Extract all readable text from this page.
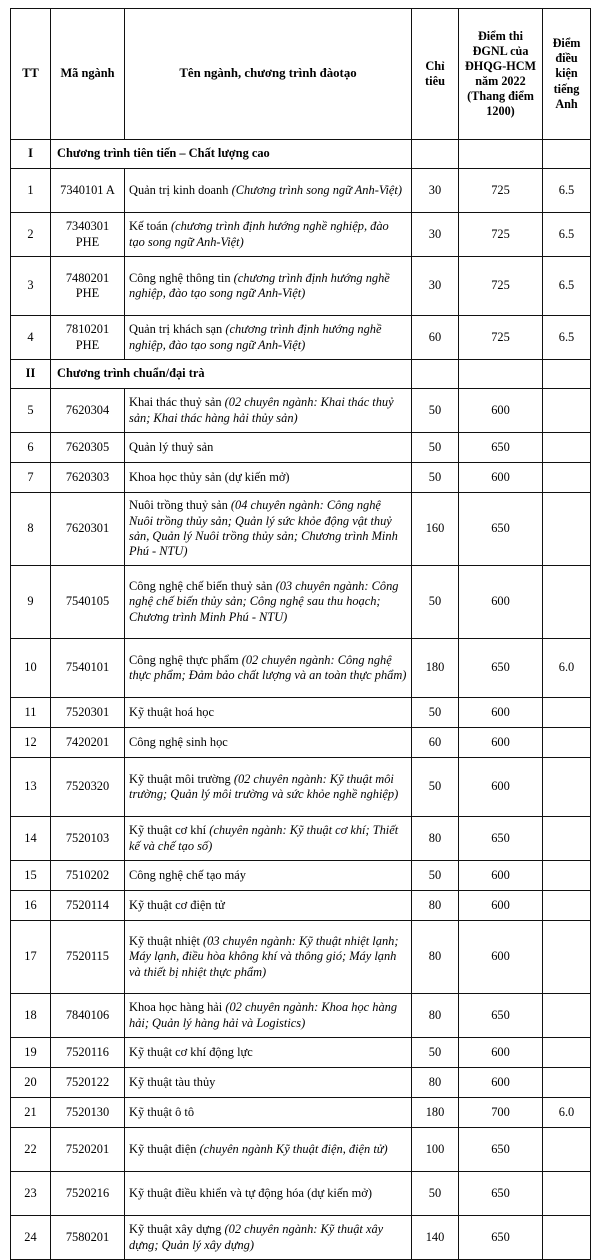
TT	Mã ngành	Tên ngành, chương trình đàotạo	Chỉ tiêu	Điểm thi ĐGNL của ĐHQG-HCM năm 2022 (Thang điểm 1200)	Điểm điều kiện tiếng Anh
I	Chương trình tiên tiến – Chất lượng cao				
1	7340101 A	Quản trị kinh doanh (Chương trình song ngữ Anh-Việt)	30	725	6.5
2	7340301 PHE	Kế toán (chương trình định hướng nghề nghiệp, đào tạo song ngữ Anh-Việt)	30	725	6.5
3	7480201 PHE	Công nghệ thông tin (chương trình định hướng nghề nghiệp, đào tạo song ngữ Anh-Việt)	30	725	6.5
4	7810201 PHE	Quản trị khách sạn (chương trình định hướng nghề nghiệp, đào tạo song ngữ Anh-Việt)	60	725	6.5
II	Chương trình chuẩn/đại trà				
5	7620304	Khai thác thuỷ sản (02 chuyên ngành: Khai thác thuỷ sản; Khai thác hàng hải thủy sản)	50	600	
6	7620305	Quản lý thuỷ sản	50	650	
7	7620303	Khoa học thủy sản (dự kiến mở)	50	600	
8	7620301	Nuôi trồng thuỷ sản (04 chuyên ngành: Công nghệ Nuôi trồng thủy sản; Quản lý sức khỏe động vật thuỷ sản, Quản lý Nuôi trồng thủy sản; Chương trình Minh Phú - NTU)	160	650	
9	7540105	Công nghệ chế biến thuỷ sản (03 chuyên ngành: Công nghệ chế biến thủy sản; Công nghệ sau thu hoạch; Chương trình Minh Phú - NTU)	50	600	
10	7540101	Công nghệ thực phẩm (02 chuyên ngành: Công nghệ thực phẩm; Đảm bảo chất lượng và an toàn thực phẩm)	180	650	6.0
11	7520301	Kỹ thuật hoá học	50	600	
12	7420201	Công nghệ sinh học	60	600	
13	7520320	Kỹ thuật môi trường (02 chuyên ngành: Kỹ thuật môi trường; Quản lý môi trường và sức khỏe nghề nghiệp)	50	600	
14	7520103	Kỹ thuật cơ khí (chuyên ngành: Kỹ thuật cơ khí; Thiết kế và chế tạo số)	80	650	
15	7510202	Công nghệ chế tạo máy	50	600	
16	7520114	Kỹ thuật cơ điện tử	80	600	
17	7520115	Kỹ thuật nhiệt (03 chuyên ngành: Kỹ thuật nhiệt lạnh; Máy lạnh, điều hòa không khí và thông gió; Máy lạnh và thiết bị nhiệt thực phẩm)	80	600	
18	7840106	Khoa học hàng hải (02 chuyên ngành: Khoa học hàng hải; Quản lý hàng hải và Logistics)	80	650	
19	7520116	Kỹ thuật cơ khí động lực	50	600	
20	7520122	Kỹ thuật tàu thủy	80	600	
21	7520130	Kỹ thuật ô tô	180	700	6.0
22	7520201	Kỹ thuật điện (chuyên ngành Kỹ thuật điện, điện tử)	100	650	
23	7520216	Kỹ thuật điều khiển và tự động hóa (dự kiến mở)	50	650	
24	7580201	Kỹ thuật xây dựng (02 chuyên ngành: Kỹ thuật xây dựng; Quản lý xây dựng)	140	650	
